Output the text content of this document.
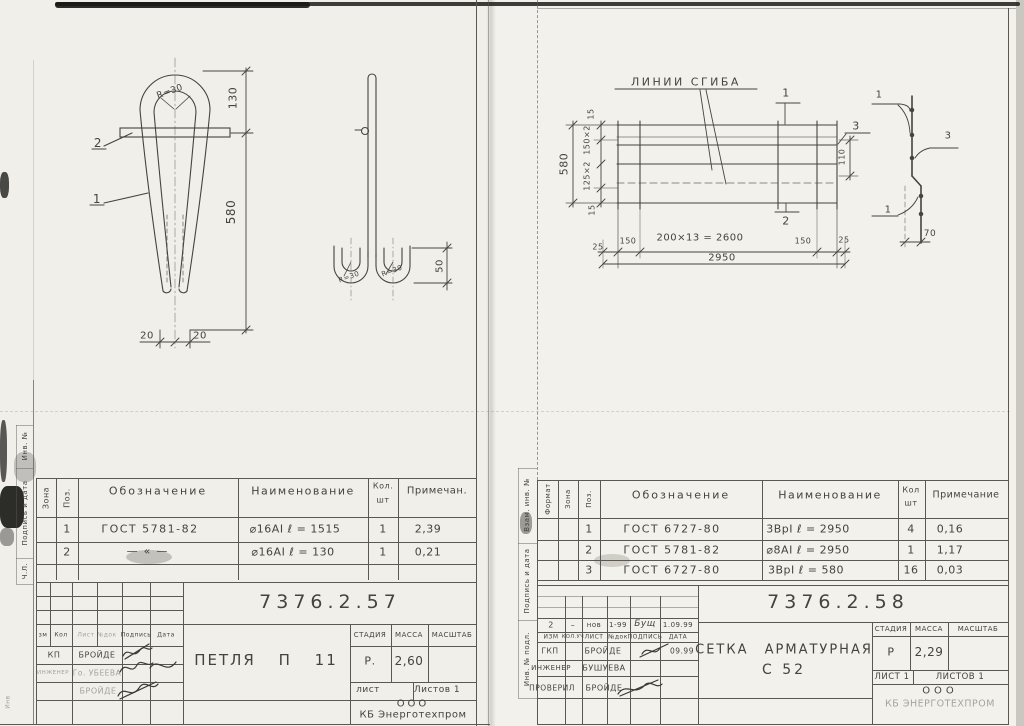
Инв. №
Подпись и дата
Ч.Л.
Инв
R=30
2
1
130
580
20	20
R=30	R=30	50
Зона Поз.	Обозначение	Наименование Кол.
шт
Примечан.
1	ГОСТ 5781-82	⌀16AI ℓ = 1515	1	2,39
2	—«—	⌀16AI ℓ = 130	1	0,21
7376.2.57
зм Кол Лист №док Подпись Дата
КП БРОЙДЕ
ИНЖЕНЕР Го. УБЕЕВА
БРОЙДЕ
ПЕТЛЯ П 11
СТАДИЯ МАССА МАСШТАБ
Р. 2,60
лист	Листов 1
ООО
КБ Энерготехпром
Взам. инв. №
Подпись и дата
Инв. № подл.
ЛИНИИ СГИБА
1
2
3
580
15
150×2
125×2
15
110
25
150 200×13 = 2600	150	25
2950
1
3
1
70
Формат Зона Поз.	Обозначение	Наименование	Кол
шт
Примечание
1	ГОСТ 6727-80	3ВрI ℓ = 2950	4 0,16
2	ГОСТ 5781-82	⌀8AI ℓ = 2950	1 1,17
3	ГОСТ 6727-80	3ВрI ℓ = 580	16 0,03
7376.2.58
2 – нов 1-99 Бущ 1.09.99
ИЗМ КОЛ.УЧ ЛИСТ №док ПОДПИСЬ ДАТА
ГКП	БРОЙДЕ	09.99
ИНЖЕНЕР БУШУЕВА
ПРОВЕРИЛ БРОЙДЕ
СЕТКА АРМАТУРНАЯ
С 52
СТАДИЯ МАССА МАСШТАБ
Р 2,29
ЛИСТ 1	ЛИСТОВ 1
ООО
КБ ЭНЕРГОТЕХПРОМ
